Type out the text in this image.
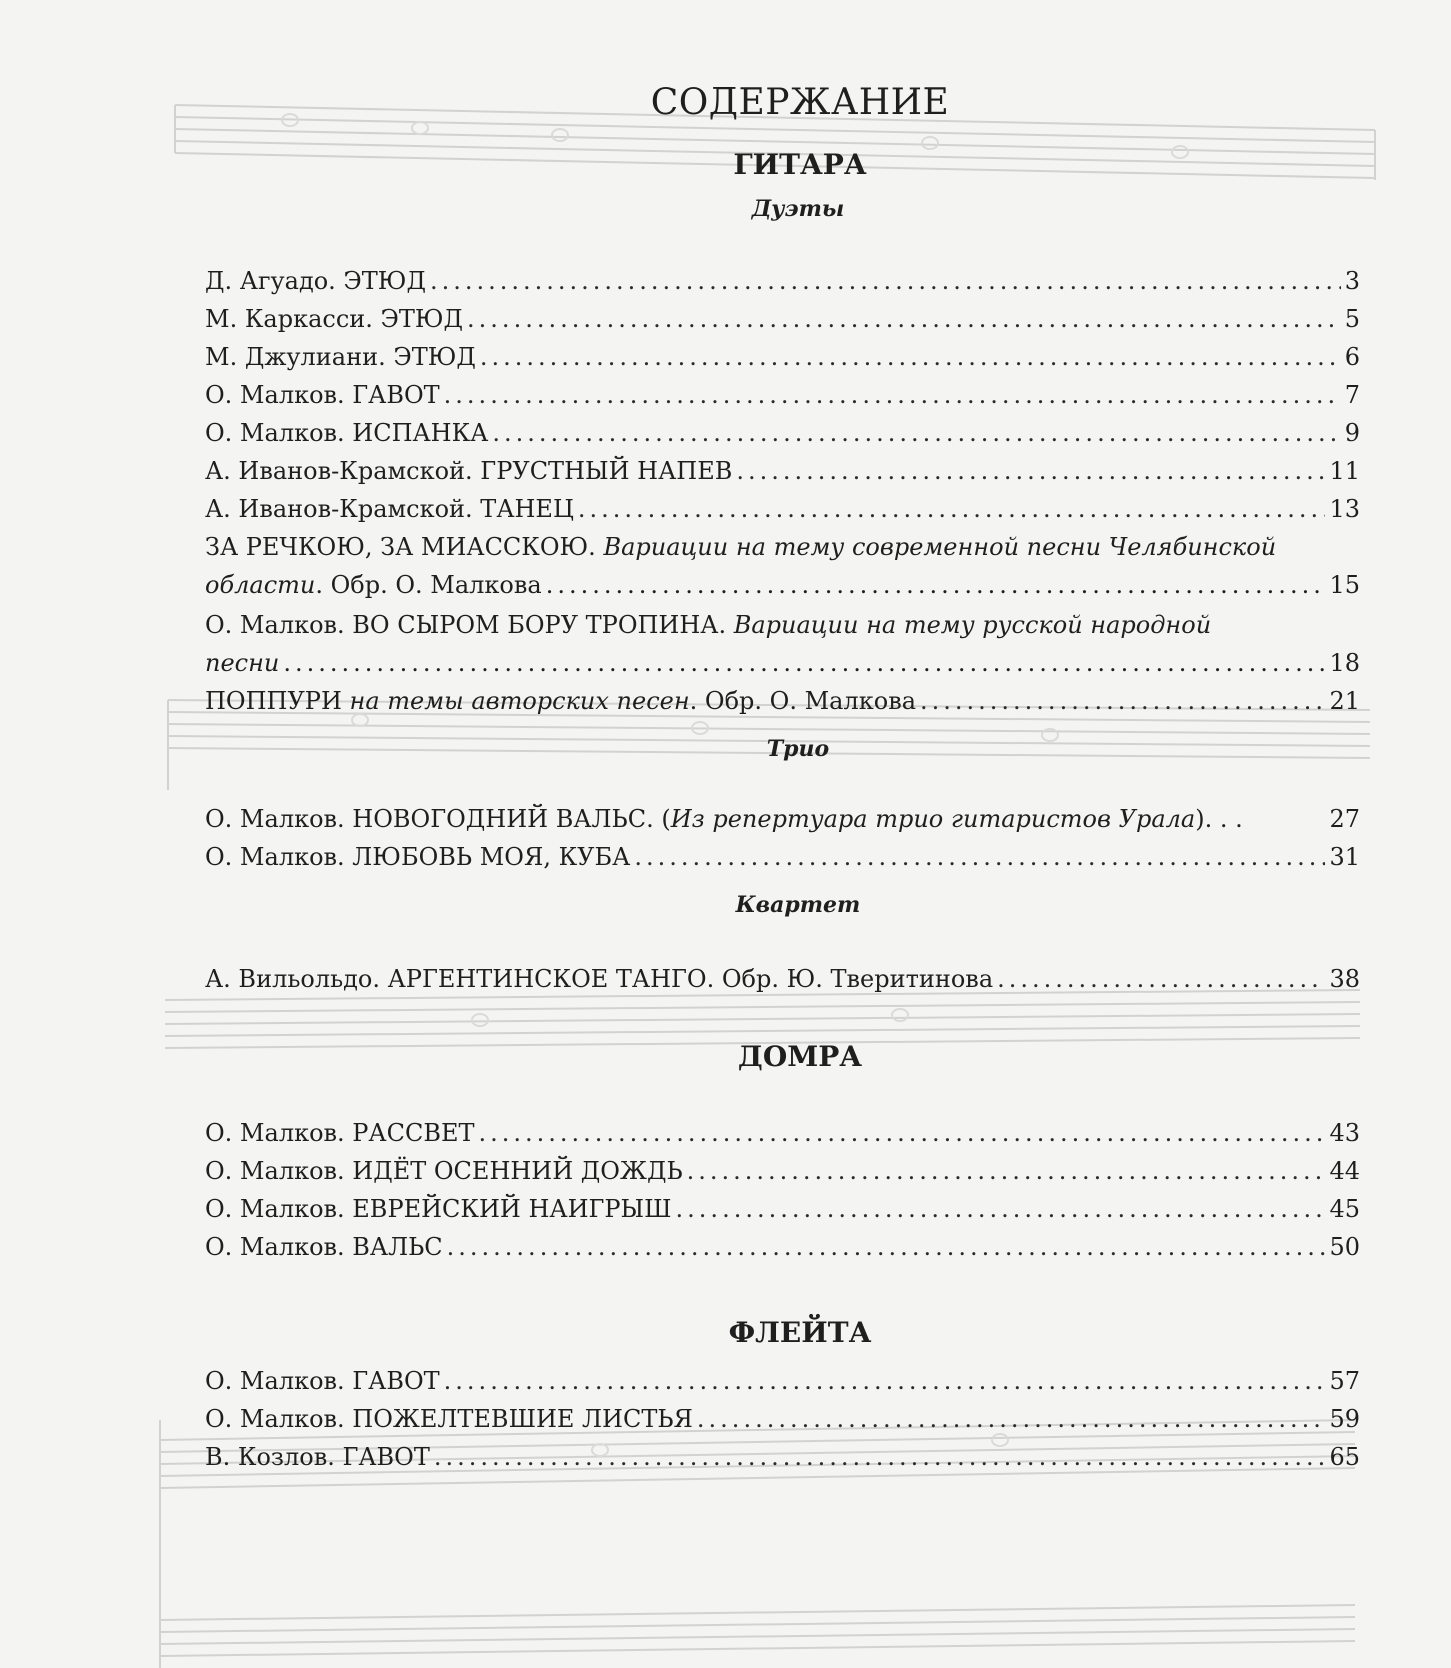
СОДЕРЖАНИЕ
ГИТАРА
Дуэты
Д. Агуадо. ЭТЮД .....	3
М. Каркасси. ЭТЮД .....	5
М. Джулиани. ЭТЮД .....	6
О. Малков. ГАВОТ .....	7
О. Малков. ИСПАНКА .....	9
А. Иванов-Крамской. ГРУСТНЫЙ НАПЕВ .....	11
А. Иванов-Крамской. ТАНЕЦ .....	13
ЗА РЕЧКОЮ, ЗА МИАССКОЮ. Вариации на тему современной песни Челябинской
области. Обр. О. Малкова .....	15
О. Малков. ВО СЫРОМ БОРУ ТРОПИНА. Вариации на тему русской народной
песни .....	18
ПОППУРИ на темы авторских песен. Обр. О. Малкова .....	21
Трио
О. Малков. НОВОГОДНИЙ ВАЛЬС. (Из репертуара трио гитаристов Урала). . .	27
О. Малков. ЛЮБОВЬ МОЯ, КУБА .....	31
Квартет
А. Вильольдо. АРГЕНТИНСКОЕ ТАНГО. Обр. Ю. Тверитинова .....	38
ДОМРА
О. Малков. РАССВЕТ .....	43
О. Малков. ИДЁТ ОСЕННИЙ ДОЖДЬ .....	44
О. Малков. ЕВРЕЙСКИЙ НАИГРЫШ .....	45
О. Малков. ВАЛЬС .....	50
ФЛЕЙТА
О. Малков. ГАВОТ .....	57
О. Малков. ПОЖЕЛТЕВШИЕ ЛИСТЬЯ .....	59
В. Козлов. ГАВОТ .....	65
